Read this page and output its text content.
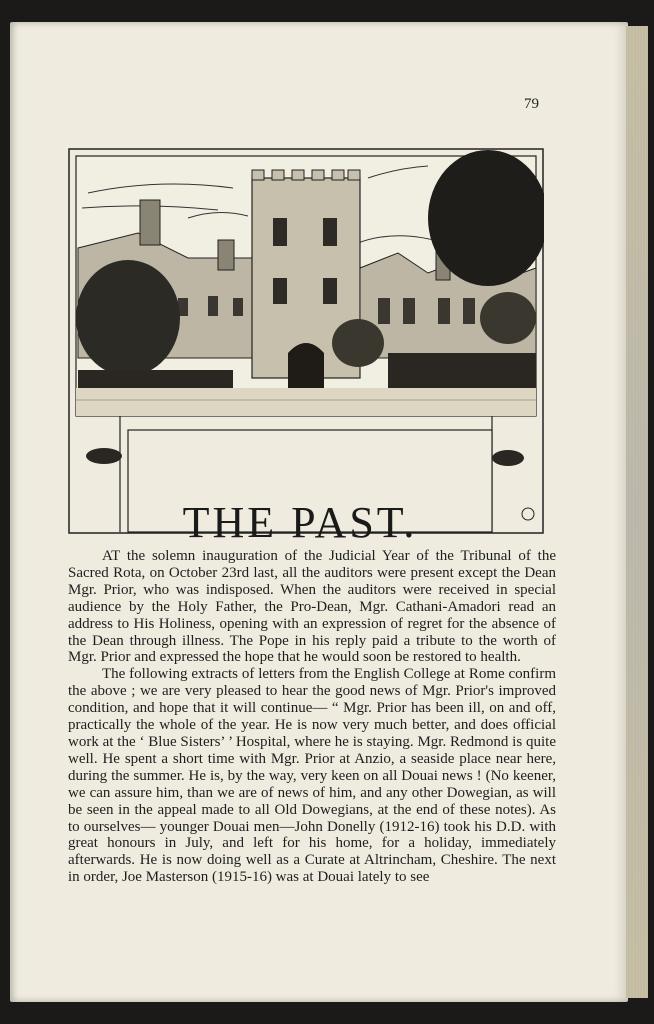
79
THE PAST.

AT the solemn inauguration of the Judicial Year of the Tribunal of the Sacred Rota, on October 23rd last, all the auditors were present except the Dean Mgr. Prior, who was indisposed. When the auditors were received in special audience by the Holy Father, the Pro-Dean, Mgr. Cathani-Amadori read an address to His Holiness, opening with an expression of regret for the absence of the Dean through illness. The Pope in his reply paid a tribute to the worth of Mgr. Prior and expressed the hope that he would soon be restored to health.

The following extracts of letters from the English College at Rome confirm the above ; we are very pleased to hear the good news of Mgr. Prior's improved condition, and hope that it will continue— “ Mgr. Prior has been ill, on and off, practically the whole of the year. He is now very much better, and does official work at the ‘ Blue Sisters’ ’ Hospital, where he is staying. Mgr. Redmond is quite well. He spent a short time with Mgr. Prior at Anzio, a seaside place near here, during the summer. He is, by the way, very keen on all Douai news ! (No keener, we can assure him, than we are of news of him, and any other Dowegian, as will be seen in the appeal made to all Old Dowegians, at the end of these notes). As to ourselves— younger Douai men—John Donelly (1912-16) took his D.D. with great honours in July, and left for his home, for a holiday, immediately afterwards. He is now doing well as a Curate at Altrincham, Cheshire. The next in order, Joe Masterson (1915-16) was at Douai lately to see
